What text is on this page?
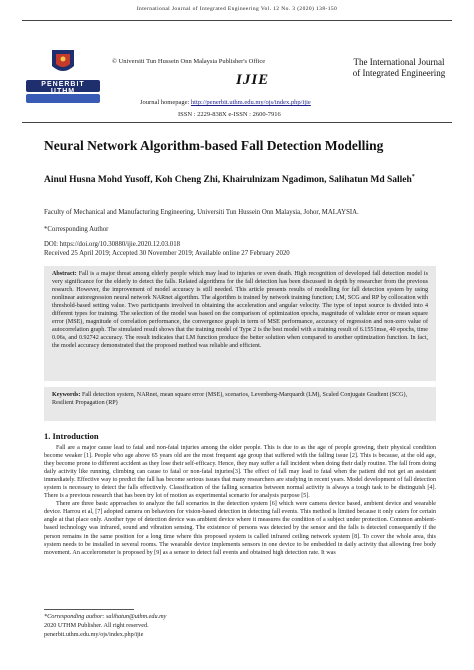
International Journal of Integrated Engineering Vol. 12 No. 3 (2020) 138-150
PENERBIT UTHM
© Universiti Tun Hussein Onn Malaysia Publisher's Office
IJIE
Journal homepage: http://penerbit.uthm.edu.my/ojs/index.php/ijie
ISSN : 2229-838X e-ISSN : 2600-7916
The International Journal of Integrated Engineering
Neural Network Algorithm-based Fall Detection Modelling
Ainul Husna Mohd Yusoff, Koh Cheng Zhi, Khairulnizam Ngadimon, Salihatun Md Salleh*
Faculty of Mechanical and Manufacturing Engineering, Universiti Tun Hussein Onn Malaysia, Johor, MALAYSIA.
*Corresponding Author
DOI: https://doi.org/10.30880/ijie.2020.12.03.018
Received 25 April 2019; Accepted 30 November 2019; Available online 27 February 2020

Abstract: Fall is a major threat among elderly people which may lead to injuries or even death. High recognition of developed fall detection model is very significance for the elderly to detect the falls. Related algorithms for the fall detection has been discussed in depth by researcher from the previous research. However, the improvement of model accuracy is still needed. This article presents results of modelling for fall detection system by using nonlinear autoregression neural network NARnet algorithm. The algorithm is trained by network training function; LM, SCG and RP by collocation with threshold-based setting value. Two participants involved in obtaining the acceleration and angular velocity. The type of input source is divided into 4 different types for training. The selection of the model was based on the comparison of optimization epochs, magnitude of validate error or mean square error (MSE), magnitude of correlation performance, the convergence graph in term of MSE performance, accuracy of regression and non-zero value of autocorrelation graph. The simulated result shows that the training model of Type 2 is the best model with a training result of 6.1551mse, 40 epochs, time 0.06s, and 0.92742 accuracy. The result indicates that LM function produce the better solution when compared to another optimization function. In fact, the model accuracy demonstrated that the proposed method was reliable and efficient.

Keywords: Fall detection system, NARnet, mean square error (MSE), scenarios, Levenberg-Marquardt (LM), Scaled Conjugate Gradient (SCG), Resilient Propagation (RP)

1. Introduction

Fall are a major cause lead to fatal and non-fatal injuries among the older people. This is due to as the age of people growing, their physical condition become weaker [1]. People who age above 65 years old are the most frequent age group that suffered with the falling issue [2]. This is because, at the old age, they become prone to different accident as they lose their self-efficacy. Hence, they may suffer a fall incident when doing their daily routine. The fall from doing daily activity like running, climbing can cause to fatal or non-fatal injuries[3]. The effect of fall may lead to fatal when the patient did not get an assistant immediately. Effective way to predict the fall has become serious issues that many researchers are studying in recent years. Model development of fall detection system is necessary to detect the falls effectively. Classification of the falling scenarios between normal activity is always a tough task to be distinguish [4]. There is a previous research that has been try lot of motion as experimental scenario for analysis purpose [5].

There are three basic approaches to analyze the fall scenarios in the detection system [6] which were camera device based, ambient device and wearable device. Harrou et al, [7] adopted camera on behaviors for vision-based detection in detecting fall events. This method is limited because it only caters for certain angle at that place only. Another type of detection device was ambient device where it measures the condition of a subject under protection. Common ambient-based technology was infrared, sound and vibration sensing. The existence of persons was detected by the sensor and the falls is detected consequently if the person remains in the same position for a long time where this proposed system is called infrared ceiling network system [8]. To cover the whole area, this system needs to be installed in several rooms. The wearable device implements sensors in one device to be embedded in daily activity that allowing free body movement. An accelerometer is proposed by [9] as a sensor to detect fall events and obtained high detection rate. It was

*Corresponding author: salihatun@uthm.edu.my
2020 UTHM Publisher. All right reserved.
penerbit.uthm.edu.my/ojs/index.php/ijie
